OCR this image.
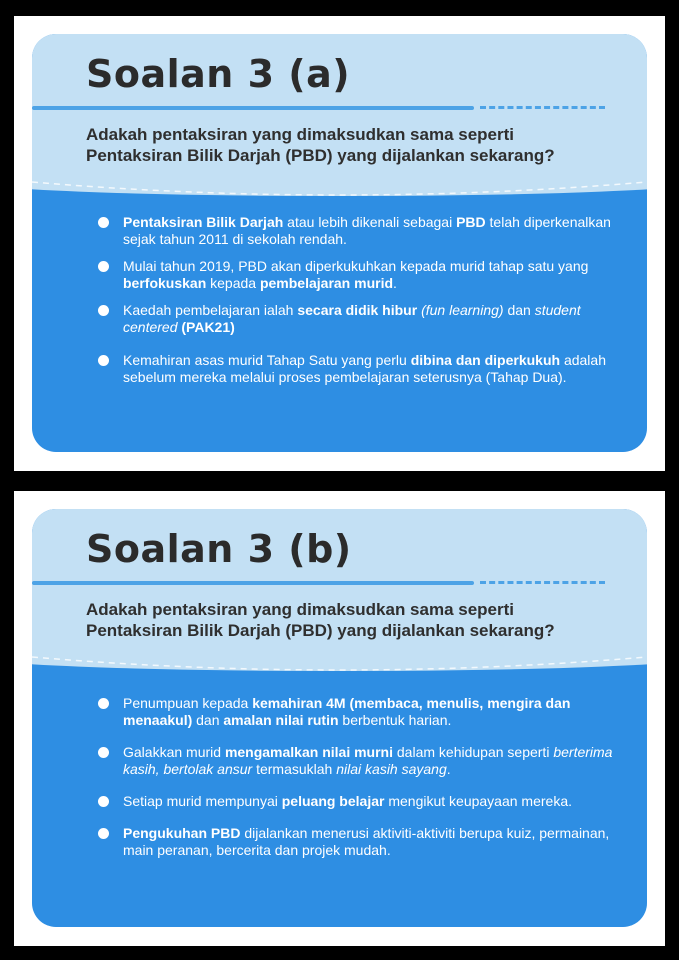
Soalan 3 (a)

Adakah pentaksiran yang dimaksudkan sama seperti
Pentaksiran Bilik Darjah (PBD) yang dijalankan sekarang?

Pentaksiran Bilik Darjah atau lebih dikenali sebagai PBD telah diperkenalkan sejak tahun 2011 di sekolah rendah.
Mulai tahun 2019, PBD akan diperkukuhkan kepada murid tahap satu yang berfokuskan kepada pembelajaran murid.
Kaedah pembelajaran ialah secara didik hibur (fun learning) dan student centered (PAK21)
Kemahiran asas murid Tahap Satu yang perlu dibina dan diperkukuh adalah sebelum mereka melalui proses pembelajaran seterusnya (Tahap Dua).
Soalan 3 (b)

Adakah pentaksiran yang dimaksudkan sama seperti
Pentaksiran Bilik Darjah (PBD) yang dijalankan sekarang?

Penumpuan kepada kemahiran 4M (membaca, menulis, mengira dan menaakul) dan amalan nilai rutin berbentuk harian.
Galakkan murid mengamalkan nilai murni dalam kehidupan seperti berterima kasih, bertolak ansur termasuklah nilai kasih sayang.
Setiap murid mempunyai peluang belajar mengikut keupayaan mereka.
Pengukuhan PBD dijalankan menerusi aktiviti-aktiviti berupa kuiz, permainan, main peranan, bercerita dan projek mudah.
